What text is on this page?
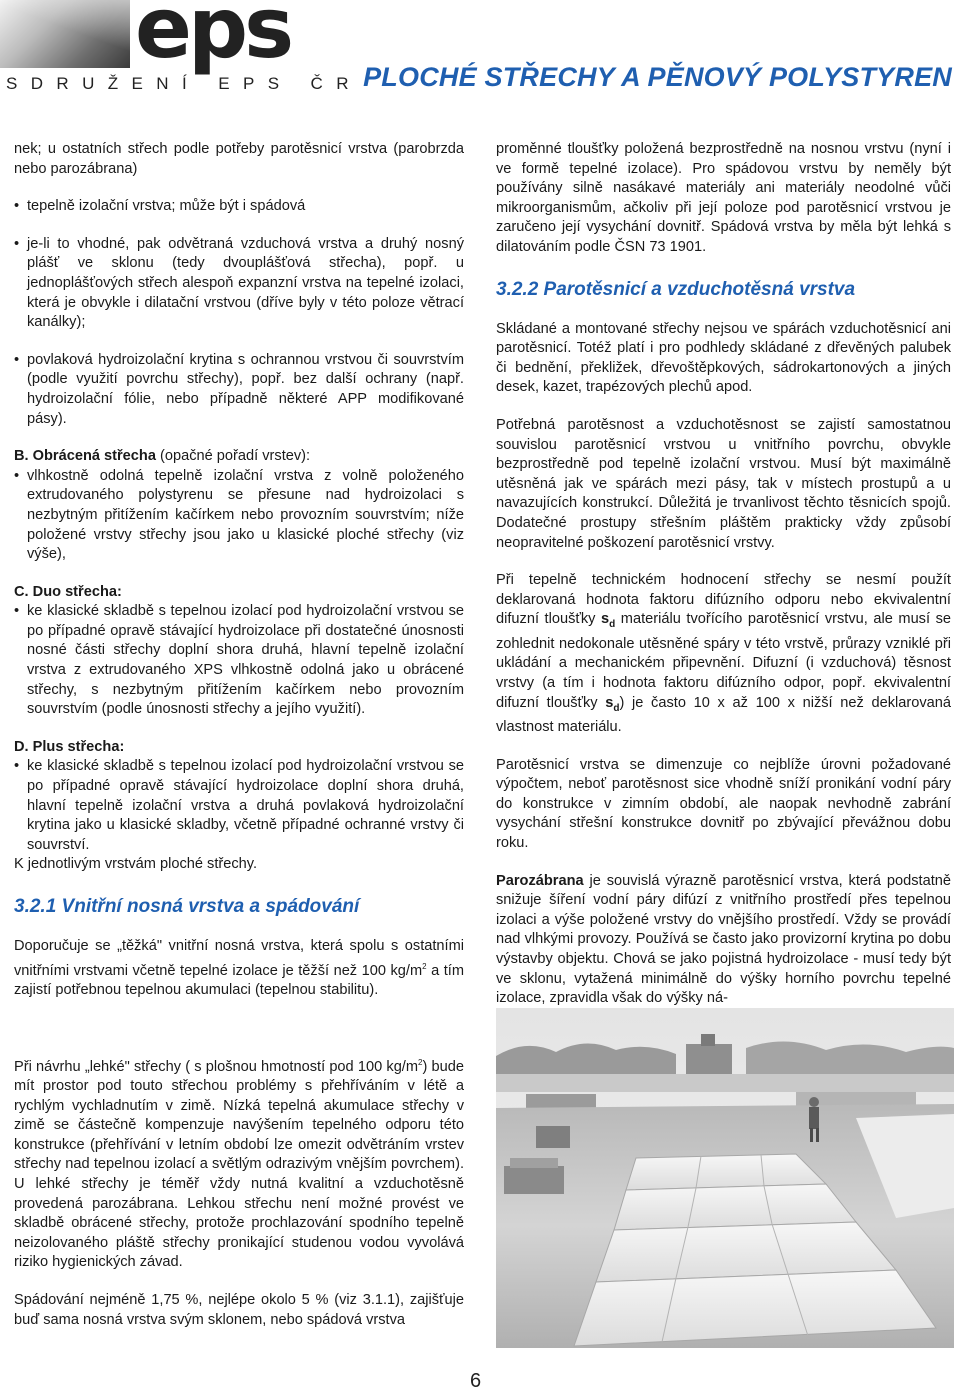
eps
SDRUŽENÍ EPS ČR PLOCHÉ STŘECHY A PĚNOVÝ POLYSTYREN

nek; u ostatních střech podle potřeby parotěsnicí vrstva (parobrzda nebo parozábrana)

• tepelně izolační vrstva; může být i spádová
• je-li to vhodné, pak odvětraná vzduchová vrstva a druhý nosný plášť ve sklonu (tedy dvouplášťová střecha), popř. u jednoplášťových střech alespoň expanzní vrstva na tepelné izolaci, která je obvykle i dilatační vrstvou (dříve byly v této poloze větrací kanálky);
• povlaková hydroizolační krytina s ochrannou vrstvou či souvrstvím (podle využití povrchu střechy), popř. bez další ochrany (např. hydroizolační fólie, nebo případně některé APP modifikované pásy).

B. Obrácená střecha (opačné pořadí vrstev):

• vlhkostně odolná tepelně izolační vrstva z volně položeného extrudovaného polystyrenu se přesune nad hydroizolaci s nezbytným přitížením kačírkem nebo provozním souvrstvím; níže položené vrstvy střechy jsou jako u klasické ploché střechy (viz výše),

C. Duo střecha:

• ke klasické skladbě s tepelnou izolací pod hydroizolační vrstvou se po případné opravě stávající hydroizolace při dostatečné únosnosti nosné části střechy doplní shora druhá, hlavní tepelně izolační vrstva z extrudovaného XPS vlhkostně odolná jako u obrácené střechy, s nezbytným přitížením kačírkem nebo provozním souvrstvím (podle únosnosti střechy a jejího využití).

D. Plus střecha:

• ke klasické skladbě s tepelnou izolací pod hydroizolační vrstvou se po případné opravě stávající hydroizolace doplní shora druhá, hlavní tepelně izolační vrstva a druhá povlaková hydroizolační krytina jako u klasické skladby, včetně případné ochranné vrstvy či souvrství.

K jednotlivým vrstvám ploché střechy.

3.2.1 Vnitřní nosná vrstva a spádování

Doporučuje se „těžká" vnitřní nosná vrstva, která spolu s ostatními vnitřními vrstvami včetně tepelné izolace je těžší než 100 $kg/m^2$ a tím zajistí potřebnou tepelnou akumulaci (tepelnou stabilitu).

Při návrhu „lehké" střechy ( s plošnou hmotností pod 100 $kg/m^2$) bude mít prostor pod touto střechou problémy s přehříváním v létě a rychlým vychladnutím v zimě. Nízká tepelná akumulace střechy v zimě se částečně kompenzuje navýšením tepelného odporu této konstrukce (přehřívání v letním období lze omezit odvětráním vrstev střechy nad tepelnou izolací a světlým odrazivým vnějším povrchem). U lehké střechy je téměř vždy nutná kvalitní a vzduchotěsně provedená parozábrana. Lehkou střechu není možné provést ve skladbě obrácené střechy, protože prochlazování spodního tepelně neizolovaného pláště střechy pronikající studenou vodou vyvolává riziko hygienických závad.

Spádování nejméně 1,75 %, nejlépe okolo 5 % (viz 3.1.1), zajišťuje buď sama nosná vrstva svým sklonem, nebo spádová vrstva

proměnné tloušťky položená bezprostředně na nosnou vrstvu (nyní i ve formě tepelné izolace). Pro spádovou vrstvu by neměly být používány silně nasákavé materiály ani materiály neodolné vůči mikroorganismům, ačkoliv při její poloze pod parotěsnicí vrstvou je zaručeno její vysychání dovnitř. Spádová vrstva by měla být lehká s dilatováním podle ČSN 73 1901.

3.2.2 Parotěsnicí a vzduchotěsná vrstva

Skládané a montované střechy nejsou ve spárách vzduchotěsnicí ani parotěsnicí. Totéž platí i pro podhledy skládané z dřevěných palubek či bednění, překližek, dřevoštěpkových, sádrokartonových a jiných desek, kazet, trapézových plechů apod.

Potřebná parotěsnost a vzduchotěsnost se zajistí samostatnou souvislou parotěsnicí vrstvou u vnitřního povrchu, obvykle bezprostředně pod tepelně izolační vrstvou. Musí být maximálně utěsněná jak ve spárách mezi pásy, tak v místech prostupů a u navazujících konstrukcí. Důležitá je trvanlivost těchto těsnicích spojů. Dodatečné prostupy střešním pláštěm prakticky vždy způsobí neopravitelné poškození parotěsnicí vrstvy.

Při tepelně technickém hodnocení střechy se nesmí použít deklarovaná hodnota faktoru difúzního odporu nebo ekvivalentní difuzní tloušťky $s_d$ materiálu tvořícího parotěsnicí vrstvu, ale musí se zohlednit nedokonale utěsněné spáry v této vrstvě, průrazy vzniklé při ukládání a mechanickém připevnění. Difuzní (i vzduchová) těsnost vrstvy (a tím i hodnota faktoru difúzního odpor, popř. ekvivalentní difuzní tloušťky $s_d$) je často 10 x až 100 x nižší než deklarovaná vlastnost materiálu.

Parotěsnicí vrstva se dimenzuje co nejblíže úrovni požadované výpočtem, neboť parotěsnost sice vhodně sníží pronikání vodní páry do konstrukce v zimním období, ale naopak nevhodně zabrání vysychání střešní konstrukce dovnitř po zbývající převážnou dobu roku.

Parozábrana je souvislá výrazně parotěsnicí vrstva, která podstatně snižuje šíření vodní páry difúzí z vnitřního prostředí přes tepelnou izolaci a výše položené vrstvy do vnějšího prostředí. Vždy se provádí nad vlhkými provozy. Používá se často jako provizorní krytina po dobu výstavby objektu. Chová se jako pojistná hydroizolace - musí tedy být ve sklonu, vytažená minimálně do výšky horního povrchu tepelné izolace, zpravidla však do výšky ná-

6
